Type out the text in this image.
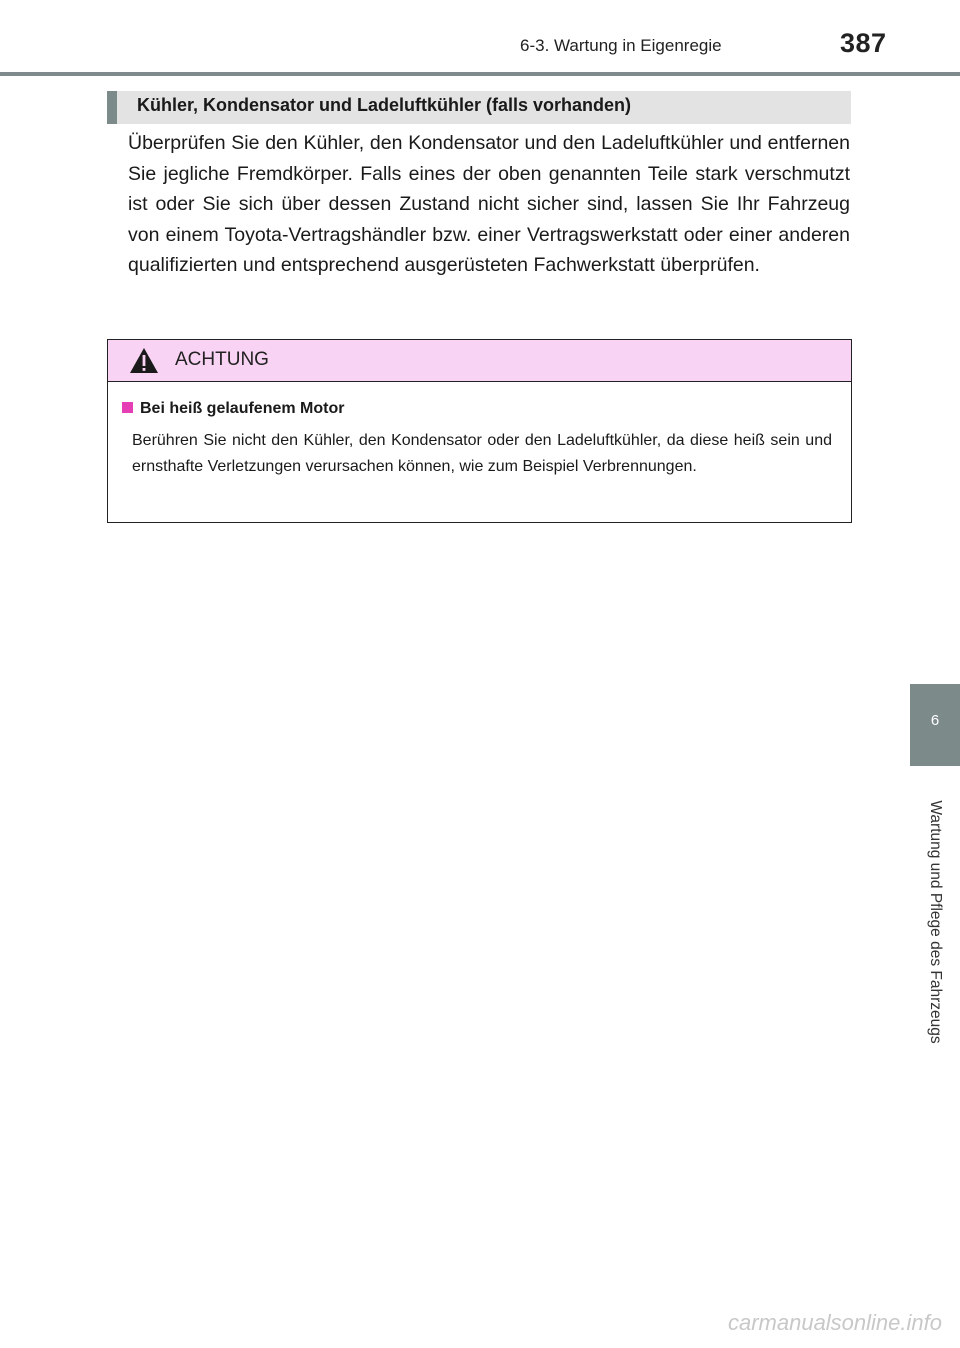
6-3. Wartung in Eigenregie	387
Kühler, Kondensator und Ladeluftkühler (falls vorhanden)
Überprüfen Sie den Kühler, den Kondensator und den Ladeluftkühler und entfernen Sie jegliche Fremdkörper. Falls eines der oben genannten Teile stark verschmutzt ist oder Sie sich über dessen Zustand nicht sicher sind, lassen Sie Ihr Fahrzeug von einem Toyota-Vertragshändler bzw. einer Vertragswerkstatt oder einer anderen qualifizierten und entsprechend ausgerüsteten Fachwerkstatt überprüfen.
ACHTUNG
Bei heiß gelaufenem Motor
Berühren Sie nicht den Kühler, den Kondensator oder den Ladeluftkühler, da diese heiß sein und ernsthafte Verletzungen verursachen können, wie zum Beispiel Verbrennungen.
6
Wartung und Pflege des Fahrzeugs
carmanualsonline.info
